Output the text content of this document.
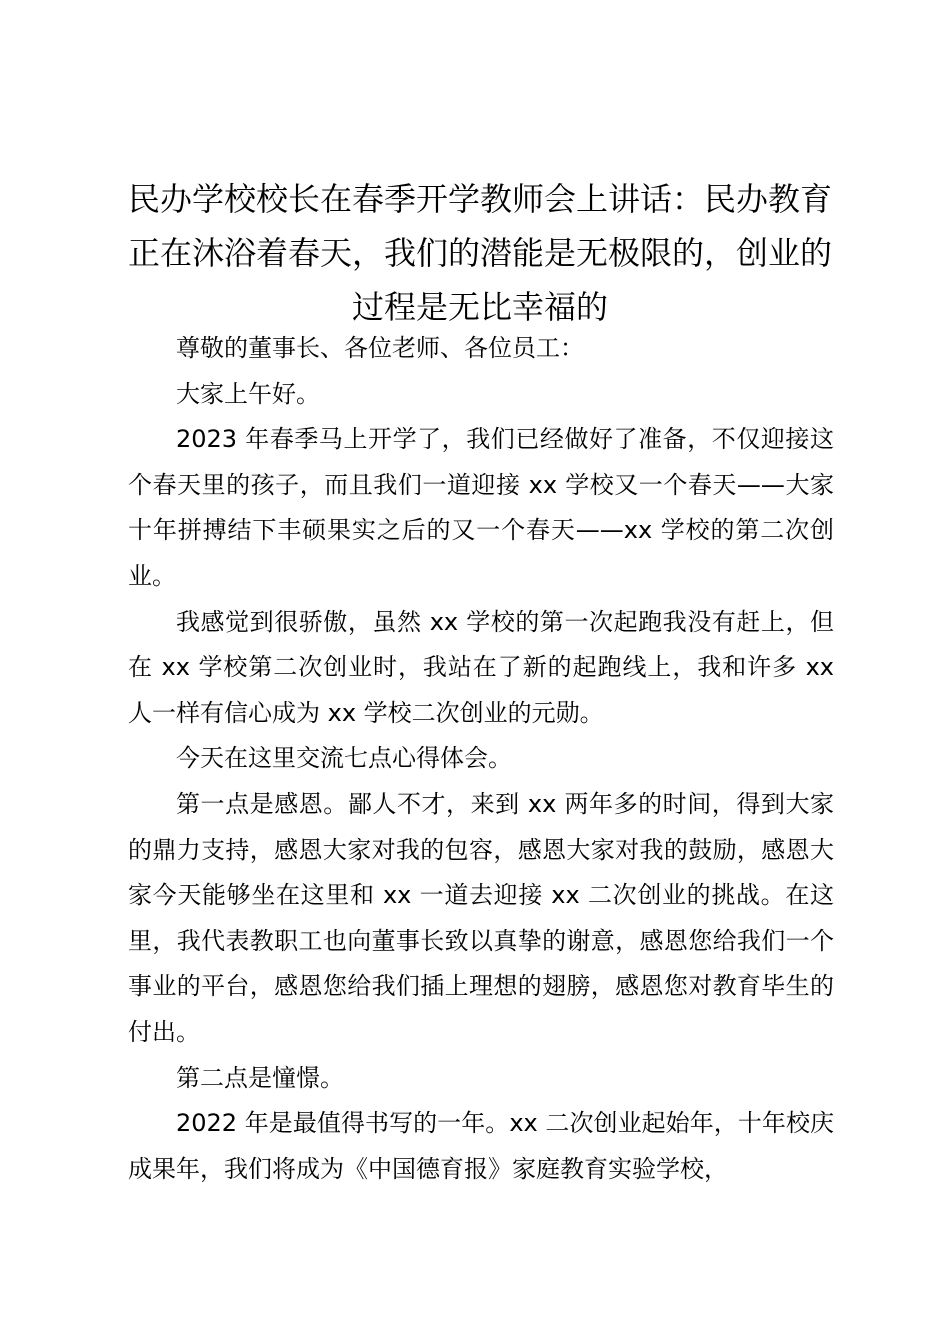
民办学校校长在春季开学教师会上讲话：民办教育正在沐浴着春天，我们的潜能是无极限的，创业的过程是无比幸福的

尊敬的董事长、各位老师、各位员工：

大家上午好。

2023 年春季马上开学了，我们已经做好了准备，不仅迎接这个春天里的孩子，而且我们一道迎接 xx 学校又一个春天——大家十年拼搏结下丰硕果实之后的又一个春天——xx 学校的第二次创业。

我感觉到很骄傲，虽然 xx 学校的第一次起跑我没有赶上，但在 xx 学校第二次创业时，我站在了新的起跑线上，我和许多 xx 人一样有信心成为 xx 学校二次创业的元勋。

今天在这里交流七点心得体会。

第一点是感恩。鄙人不才，来到 xx 两年多的时间，得到大家的鼎力支持，感恩大家对我的包容，感恩大家对我的鼓励，感恩大家今天能够坐在这里和 xx 一道去迎接 xx 二次创业的挑战。在这里，我代表教职工也向董事长致以真挚的谢意，感恩您给我们一个事业的平台，感恩您给我们插上理想的翅膀，感恩您对教育毕生的付出。

第二点是憧憬。

2022 年是最值得书写的一年。xx 二次创业起始年，十年校庆成果年，我们将成为《中国德育报》家庭教育实验学校，
